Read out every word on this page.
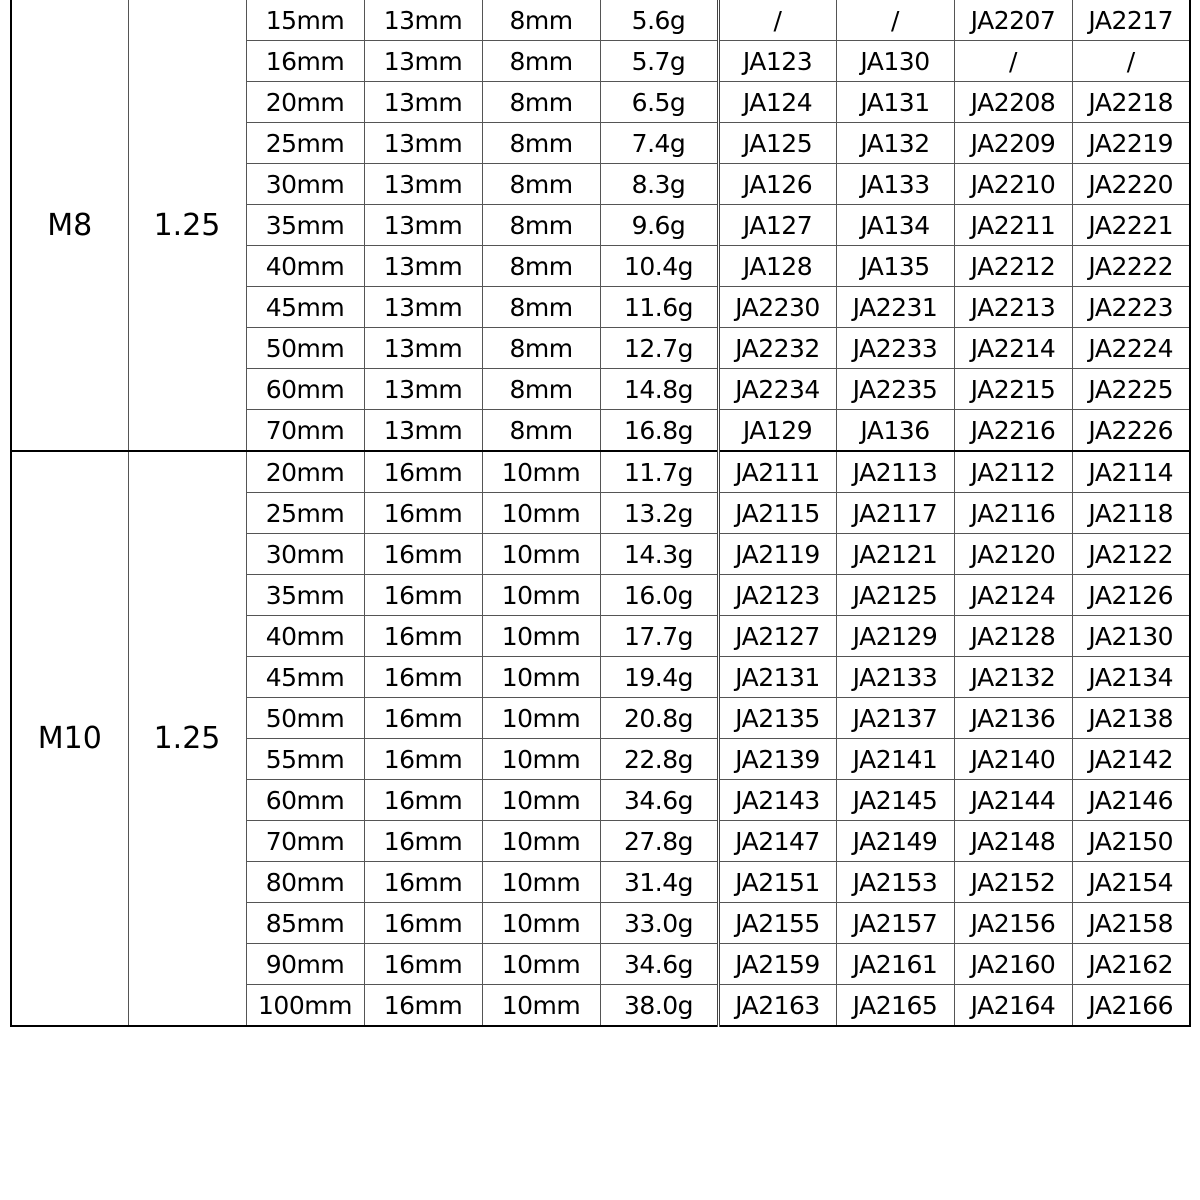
M8	1.25	15mm	13mm	8mm	5.6g	/	/	JA2207	JA2217
		16mm	13mm	8mm	5.7g	JA123	JA130	/	/
		20mm	13mm	8mm	6.5g	JA124	JA131	JA2208	JA2218
		25mm	13mm	8mm	7.4g	JA125	JA132	JA2209	JA2219
		30mm	13mm	8mm	8.3g	JA126	JA133	JA2210	JA2220
		35mm	13mm	8mm	9.6g	JA127	JA134	JA2211	JA2221
		40mm	13mm	8mm	10.4g	JA128	JA135	JA2212	JA2222
		45mm	13mm	8mm	11.6g	JA2230	JA2231	JA2213	JA2223
		50mm	13mm	8mm	12.7g	JA2232	JA2233	JA2214	JA2224
		60mm	13mm	8mm	14.8g	JA2234	JA2235	JA2215	JA2225
		70mm	13mm	8mm	16.8g	JA129	JA136	JA2216	JA2226
M10	1.25	20mm	16mm	10mm	11.7g	JA2111	JA2113	JA2112	JA2114
		25mm	16mm	10mm	13.2g	JA2115	JA2117	JA2116	JA2118
		30mm	16mm	10mm	14.3g	JA2119	JA2121	JA2120	JA2122
		35mm	16mm	10mm	16.0g	JA2123	JA2125	JA2124	JA2126
		40mm	16mm	10mm	17.7g	JA2127	JA2129	JA2128	JA2130
		45mm	16mm	10mm	19.4g	JA2131	JA2133	JA2132	JA2134
		50mm	16mm	10mm	20.8g	JA2135	JA2137	JA2136	JA2138
		55mm	16mm	10mm	22.8g	JA2139	JA2141	JA2140	JA2142
		60mm	16mm	10mm	34.6g	JA2143	JA2145	JA2144	JA2146
		70mm	16mm	10mm	27.8g	JA2147	JA2149	JA2148	JA2150
		80mm	16mm	10mm	31.4g	JA2151	JA2153	JA2152	JA2154
		85mm	16mm	10mm	33.0g	JA2155	JA2157	JA2156	JA2158
		90mm	16mm	10mm	34.6g	JA2159	JA2161	JA2160	JA2162
		100mm	16mm	10mm	38.0g	JA2163	JA2165	JA2164	JA2166
